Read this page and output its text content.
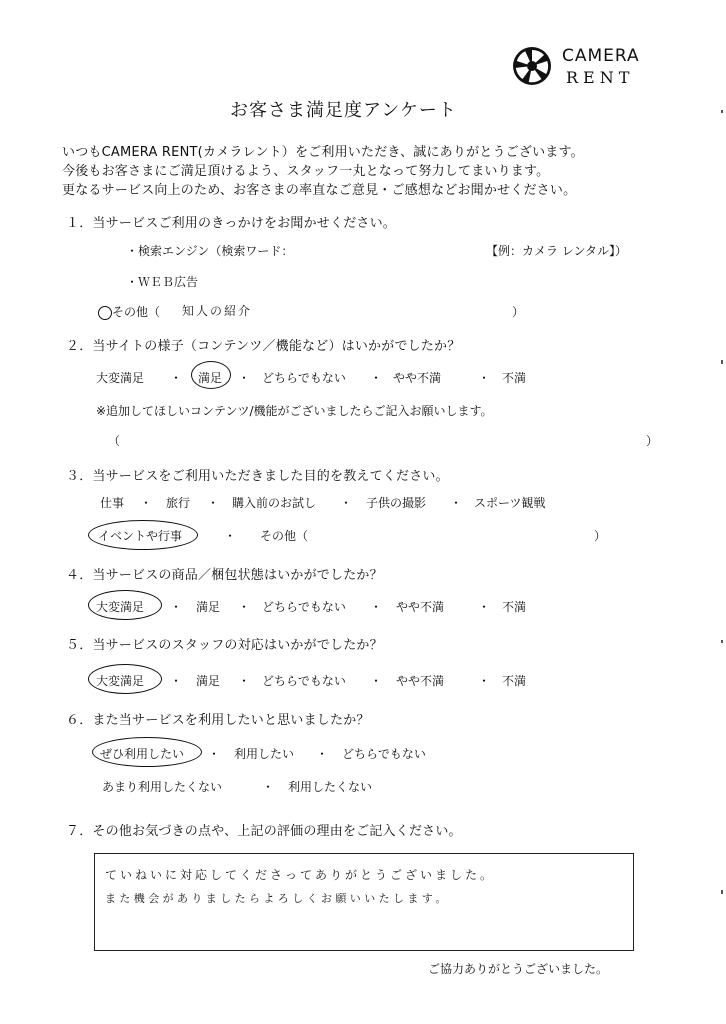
CAMERA
RENT
お客さま満足度アンケート
いつもCAMERA RENT(カメラレント）をご利用いただき、誠にありがとうございます。
今後もお客さまにご満足頂けるよう、スタッフ一丸となって努力してまいります。
更なるサービス向上のため、お客さまの率直なご意見・ご感想などお聞かせください。
１．当サービスご利用のきっかけをお聞かせください。
・検索エンジン（検索ワード：	【例：カメラ レンタル】）
・ＷＥＢ広告
その他（ 知人の紹介	）
２．当サイトの様子（コンテンツ／機能など）はいかがでしたか？
大変満足 ・ 満足 ・ どちらでもない ・ やや不満	・ 不満
※追加してほしいコンテンツ/機能がございましたらご記入お願いします。
（	）
３．当サービスをご利用いただきました目的を教えてください。
仕事 ・ 旅行 ・ 購入前のお試し ・ 子供の撮影 ・ スポーツ観戦
イベントや行事	・ その他（	）
４．当サービスの商品／梱包状態はいかがでしたか？
大変満足 ・ 満足 ・ どちらでもない ・ やや不満	・ 不満
５．当サービスのスタッフの対応はいかがでしたか？
大変満足 ・ 満足 ・ どちらでもない ・ やや不満	・ 不満
６．また当サービスを利用したいと思いましたか？
ぜひ利用したい ・ 利用したい ・ どちらでもない
あまり利用したくない	・ 利用したくない
７．その他お気づきの点や、上記の評価の理由をご記入ください。
ていねいに対応してくださってありがとうございました。
また機会がありましたらよろしくお願いいたします。
ご協力ありがとうございました。
